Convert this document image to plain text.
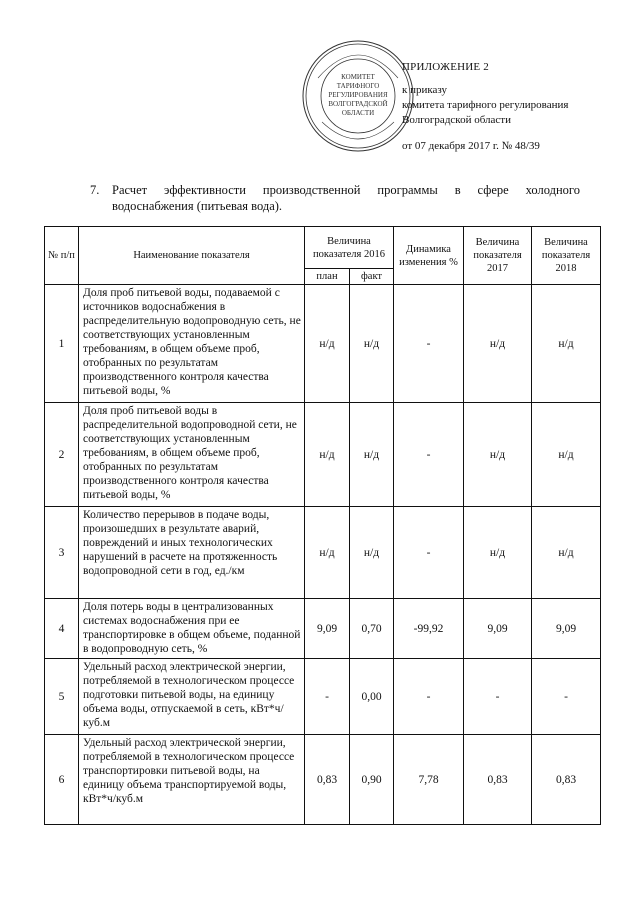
КОМИТЕТ
ТАРИФНОГО
РЕГУЛИРОВАНИЯ
ВОЛГОГРАДСКОЙ
ОБЛАСТИ
ПРИЛОЖЕНИЕ 2
к приказу
комитета тарифного регулирования
Волгоградской области
от 07 декабря 2017 г. № 48/39
7. Расчет эффективности производственной программы в сфере холодного водоснабжения (питьевая вода).
№ п/п	Наименование показателя	Величина показателя 2016		Динамика изменения %	Величина показателя 2017	Величина показателя 2018
		план	факт			
1	Доля проб питьевой воды, подаваемой с источников водоснабжения в распределительную водопроводную сеть, не соответствующих установленным требованиям, в общем объеме проб, отобранных по результатам производственного контроля качества питьевой воды, %	н/д	н/д	-	н/д	н/д
2	Доля проб питьевой воды в распределительной водопроводной сети, не соответствующих установленным требованиям, в общем объеме проб, отобранных по результатам производственного контроля качества питьевой воды, %	н/д	н/д	-	н/д	н/д
3	Количество перерывов в подаче воды, произошедших в результате аварий, повреждений и иных технологических нарушений в расчете на протяженность водопроводной сети в год, ед./км	н/д	н/д	-	н/д	н/д
4	Доля потерь воды в централизованных системах водоснабжения при ее транспортировке в общем объеме, поданной в водопроводную сеть, %	9,09	0,70	-99,92	9,09	9,09
5	Удельный расход электрической энергии, потребляемой в технологическом процессе подготовки питьевой воды, на единицу объема воды, отпускаемой в сеть, кВт*ч/куб.м	-	0,00	-	-	-
6	Удельный расход электрической энергии, потребляемой в технологическом процессе транспортировки питьевой воды, на единицу объема транспортируемой воды, кВт*ч/куб.м	0,83	0,90	7,78	0,83	0,83
